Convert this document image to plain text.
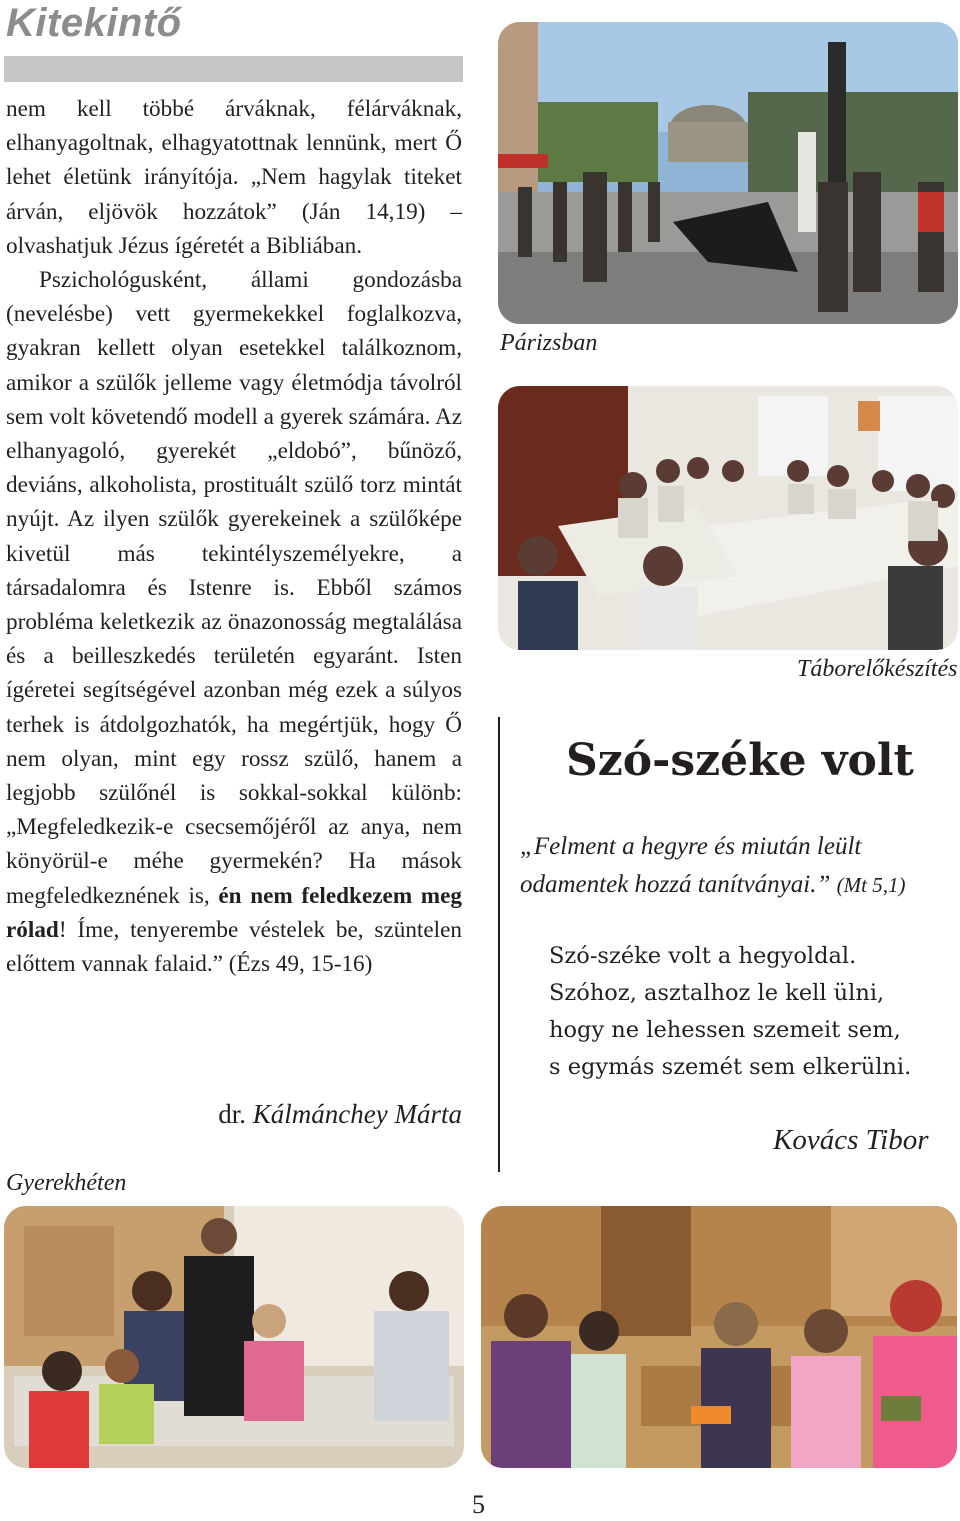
Kitekintő

nem kell többé árváknak, félárváknak, elhanyagoltnak, elhagyatottnak lennünk, mert Ő lehet életünk irányítója. „Nem hagylak titeket árván, eljövök hozzátok” (Ján 14,19) – olvashatjuk Jézus ígéretét a Bibliában.

Pszichológusként, állami gondozásba (nevelésbe) vett gyermekekkel foglalkozva, gyakran kellett olyan esetekkel találkoznom, amikor a szülők jelleme vagy életmódja távolról sem volt követendő modell a gyerek számára. Az elhanyagoló, gyerekét „eldobó”, bűnöző, deviáns, alkoholista, prostituált szülő torz mintát nyújt. Az ilyen szülők gyerekeinek a szülőképe kivetül más tekintélyszemélyekre, a társadalomra és Istenre is. Ebből számos probléma keletkezik az önazonosság megtalálása és a beilleszkedés területén egyaránt. Isten ígéretei segítségével azonban még ezek a súlyos terhek is átdolgozhatók, ha megértjük, hogy Ő nem olyan, mint egy rossz szülő, hanem a legjobb szülőnél is sokkal-sokkal különb: „Megfeledkezik-e csecsemőjéről az anya, nem könyörül-e méhe gyermekén? Ha mások megfeledkeznének is, én nem feledkezem meg rólad! Íme, tenyerembe véstelek be, szüntelen előttem vannak falaid.” (Ézs 49, 15-16)

dr. Kálmánchey Márta
Párizsban
Táborelőkészítés
Szó-széke volt
„Felment a hegyre és miután leült odamentek hozzá tanítványai.” (Mt 5,1)
Szó-széke volt a hegyoldal.
Szóhoz, asztalhoz le kell ülni,
hogy ne lehessen szemeit sem,
s egymás szemét sem elkerülni.
Kovács Tibor
Gyerekhéten
5
